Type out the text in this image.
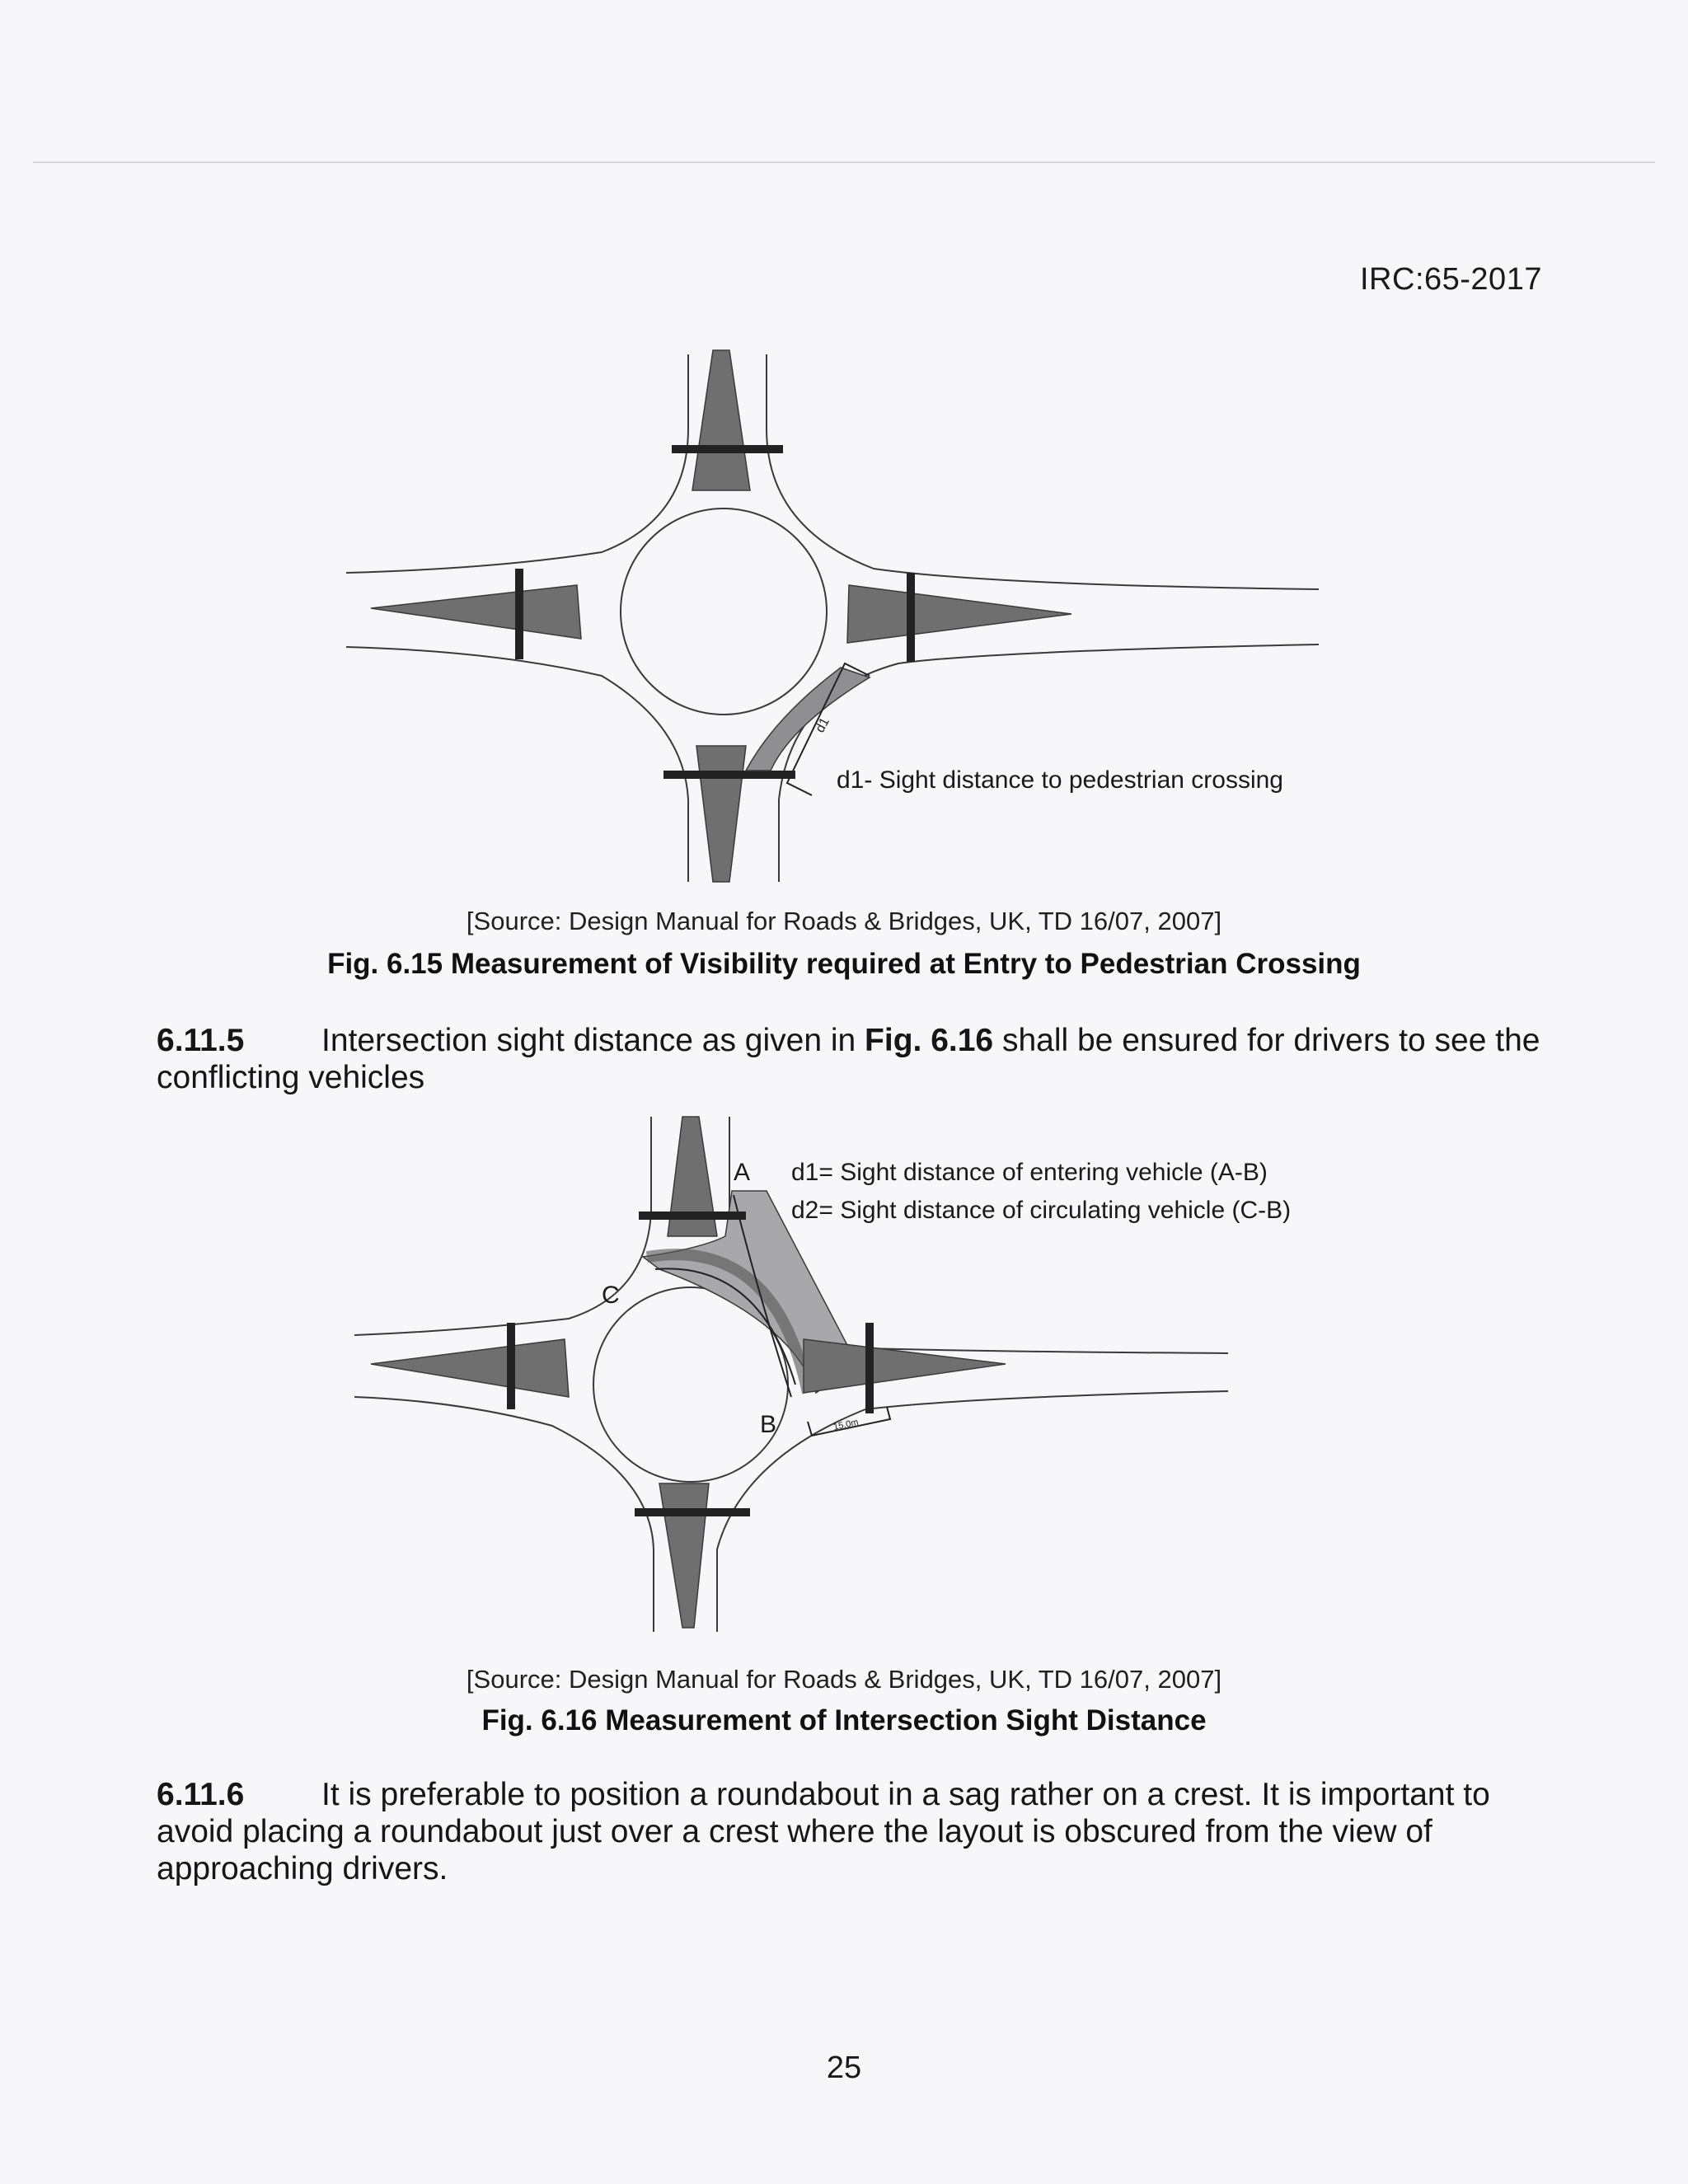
IRC:65-2017
d1
d1- Sight distance to pedestrian crossing
[Source: Design Manual for Roads & Bridges, UK, TD 16/07, 2007]
Fig. 6.15 Measurement of Visibility required at Entry to Pedestrian Crossing
6.11.5 Intersection sight distance as given in Fig. 6.16 shall be ensured for drivers to see the conflicting vehicles
15.0m
A
C
B
d1= Sight distance of entering vehicle (A-B)
d2= Sight distance of circulating vehicle (C-B)
[Source: Design Manual for Roads & Bridges, UK, TD 16/07, 2007]
Fig. 6.16 Measurement of Intersection Sight Distance
6.11.6 It is preferable to position a roundabout in a sag rather on a crest. It is important to avoid placing a roundabout just over a crest where the layout is obscured from the view of approaching drivers.
25
